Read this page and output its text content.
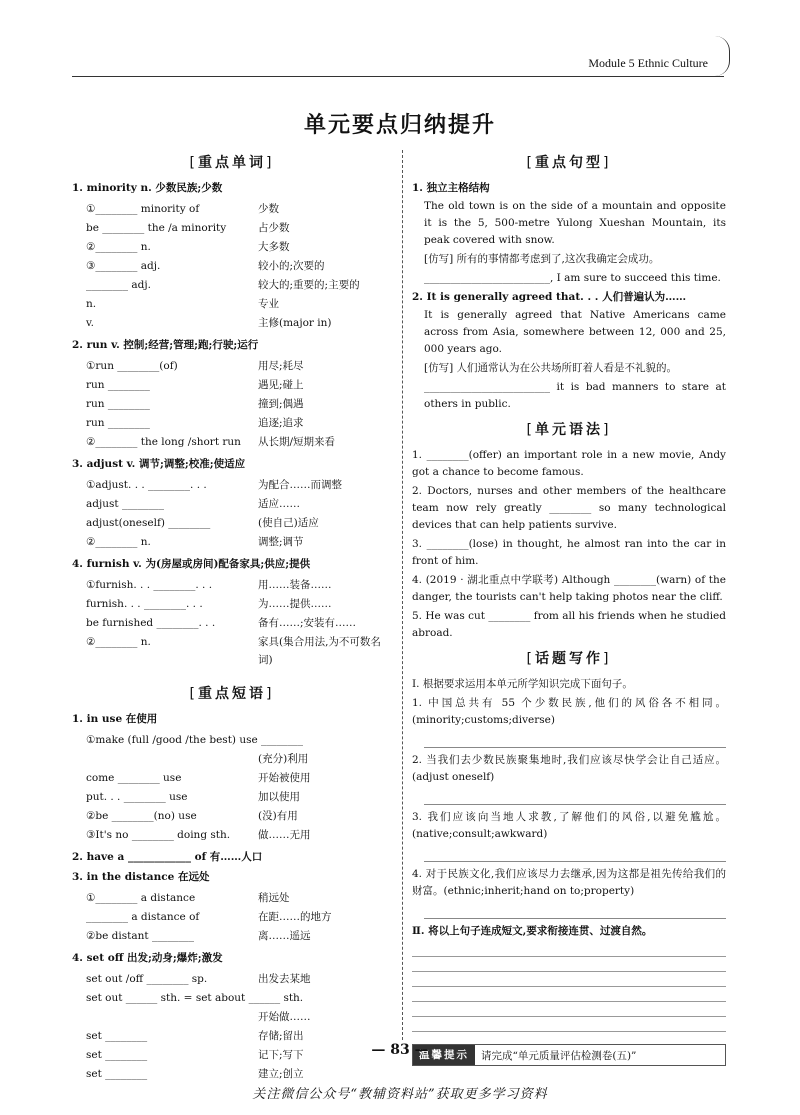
Module 5 Ethnic Culture
单元要点归纳提升
[重点单词]
1. minority n. 少数民族;少数
①________ minority of	少数
be ________ the /a minority	占少数
②________ n.	大多数
③________ adj.	较小的;次要的
________ adj.	较大的;重要的;主要的
n.	专业
v.	主修(major in)
2. run v. 控制;经营;管理;跑;行驶;运行
①run ________(of)	用尽;耗尽
run ________	遇见;碰上
run ________	撞到;偶遇
run ________	追逐;追求
②________ the long /short run 从长期/短期来看
3. adjust v. 调节;调整;校准;使适应
①adjust. . . ________. . .	为配合……而调整
adjust ________	适应……
adjust(oneself) ________	(使自己)适应
②________ n.	调整;调节
4. furnish v. 为(房屋或房间)配备家具;供应;提供
①furnish. . . ________. . .	用……装备……
furnish. . . ________. . .	为……提供……
be furnished ________. . .	备有……;安装有……
②________ n.	家具(集合用法,为不可数名词)
[重点短语]
1. in use 在使用
①make (full /good /the best) use ________
(充分)利用
come ________ use	开始被使用
put. . . ________ use	加以使用
②be ________(no) use	(没)有用
③It's no ________ doing sth.	做……无用
2. have a ____________ of 有……人口
3. in the distance 在远处
①________ a distance	稍远处
________ a distance of	在距……的地方
②be distant ________	离……遥远
4. set off 出发;动身;爆炸;激发
set out /off ________ sp.	出发去某地
set out ______ sth. = set about ______ sth.
开始做……
set ________	存储;留出
set ________	记下;写下
set ________	建立;创立
[重点句型]
1. 独立主格结构
The old town is on the side of a mountain and opposite it is the 5, 500-metre Yulong Xueshan Mountain, its peak covered with snow.
[仿写] 所有的事情都考虑到了,这次我确定会成功。
________________________, I am sure to succeed this time.
2. It is generally agreed that. . . 人们普遍认为……
It is generally agreed that Native Americans came across from Asia, somewhere between 12, 000 and 25, 000 years ago.
[仿写] 人们通常认为在公共场所盯着人看是不礼貌的。
________________________ it is bad manners to stare at others in public.
[单元语法]
1. ________(offer) an important role in a new movie, Andy got a chance to become famous.
2. Doctors, nurses and other members of the healthcare team now rely greatly ________ so many technological devices that can help patients survive.
3. ________(lose) in thought, he almost ran into the car in front of him.
4. (2019 · 湖北重点中学联考) Although ________(warn) of the danger, the tourists can't help taking photos near the cliff.
5. He was cut ________ from all his friends when he studied abroad.
[话题写作]
Ⅰ. 根据要求运用本单元所学知识完成下面句子。
1. 中国总共有 55 个少数民族,他们的风俗各不相同。(minority;customs;diverse)
2. 当我们去少数民族聚集地时,我们应该尽快学会让自己适应。(adjust oneself)
3. 我们应该向当地人求教,了解他们的风俗,以避免尴尬。(native;consult;awkward)
4. 对于民族文化,我们应该尽力去继承,因为这都是祖先传给我们的财富。(ethnic;inherit;hand on to;property)
Ⅱ. 将以上句子连成短文,要求衔接连贯、过渡自然。
温馨提示	请完成“单元质量评估检测卷(五)”
— 83 —
关注微信公众号“教辅资料站”获取更多学习资料
